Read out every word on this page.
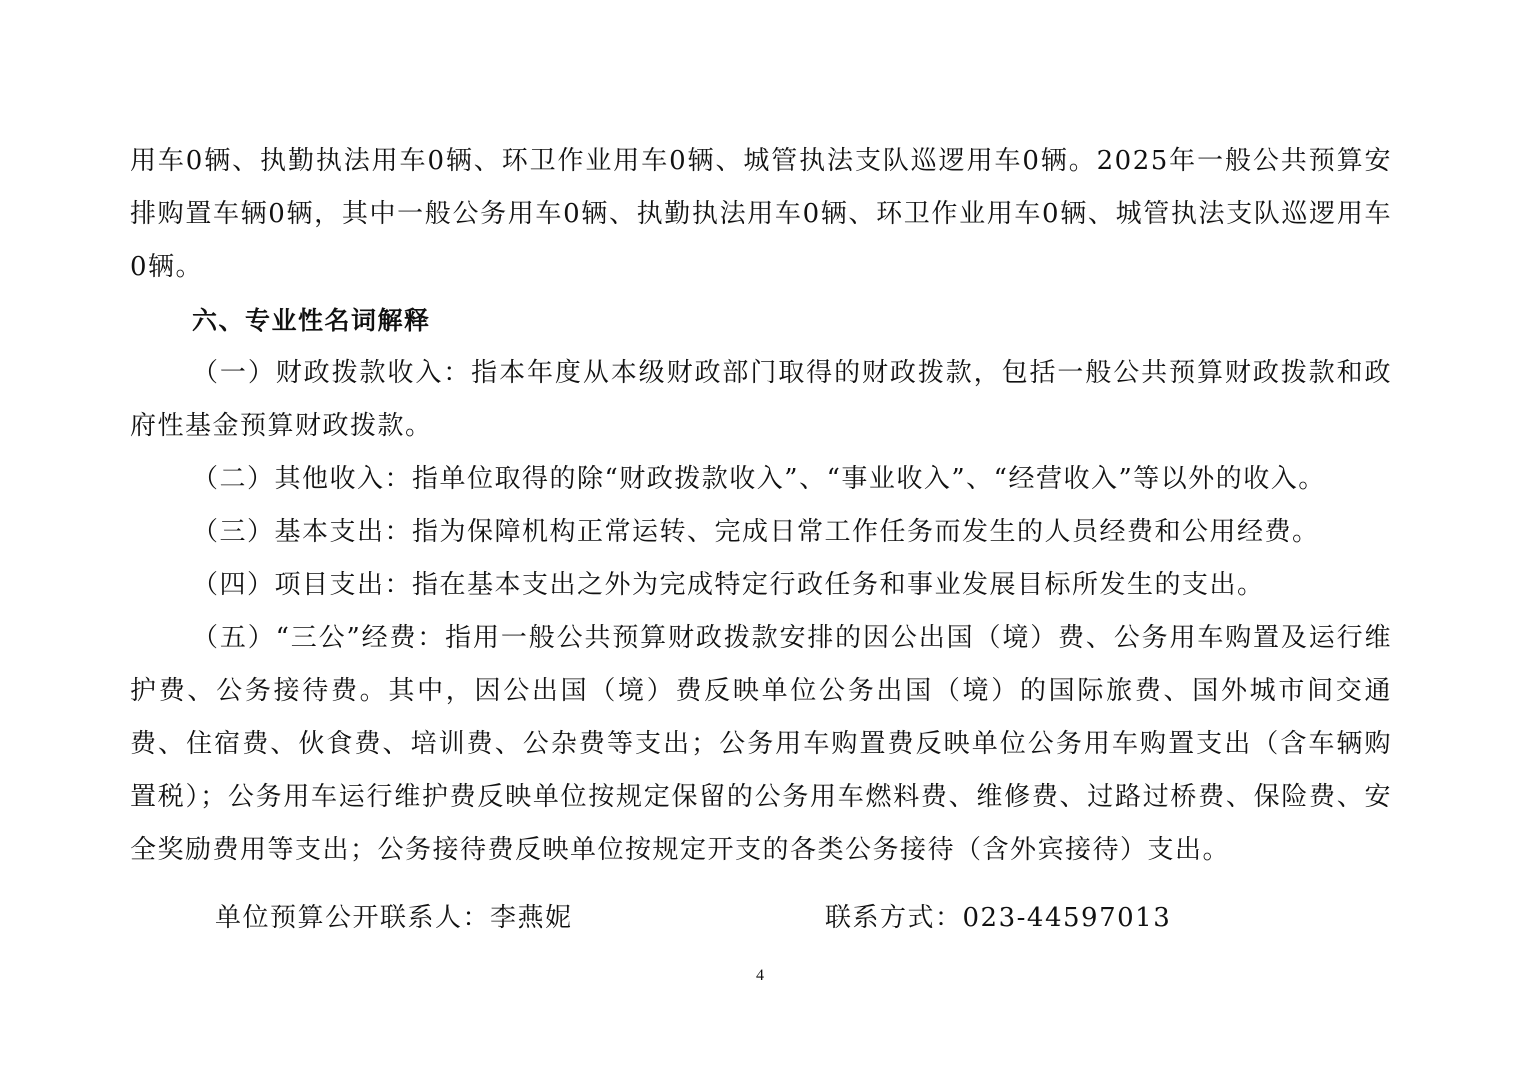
用车0辆、执勤执法用车0辆、环卫作业用车0辆、城管执法支队巡逻用车0辆。2025年一般公共预算安排购置车辆0辆，其中一般公务用车0辆、执勤执法用车0辆、环卫作业用车0辆、城管执法支队巡逻用车0辆。

六、专业性名词解释

（一）财政拨款收入：指本年度从本级财政部门取得的财政拨款，包括一般公共预算财政拨款和政府性基金预算财政拨款。

（二）其他收入：指单位取得的除“财政拨款收入”、“事业收入”、“经营收入”等以外的收入。

（三）基本支出：指为保障机构正常运转、完成日常工作任务而发生的人员经费和公用经费。

（四）项目支出：指在基本支出之外为完成特定行政任务和事业发展目标所发生的支出。

（五）“三公”经费：指用一般公共预算财政拨款安排的因公出国（境）费、公务用车购置及运行维护费、公务接待费。其中，因公出国（境）费反映单位公务出国（境）的国际旅费、国外城市间交通费、住宿费、伙食费、培训费、公杂费等支出；公务用车购置费反映单位公务用车购置支出（含车辆购置税）；公务用车运行维护费反映单位按规定保留的公务用车燃料费、维修费、过路过桥费、保险费、安全奖励费用等支出；公务接待费反映单位按规定开支的各类公务接待（含外宾接待）支出。

单位预算公开联系人：李燕妮	联系方式：023-44597013
4
